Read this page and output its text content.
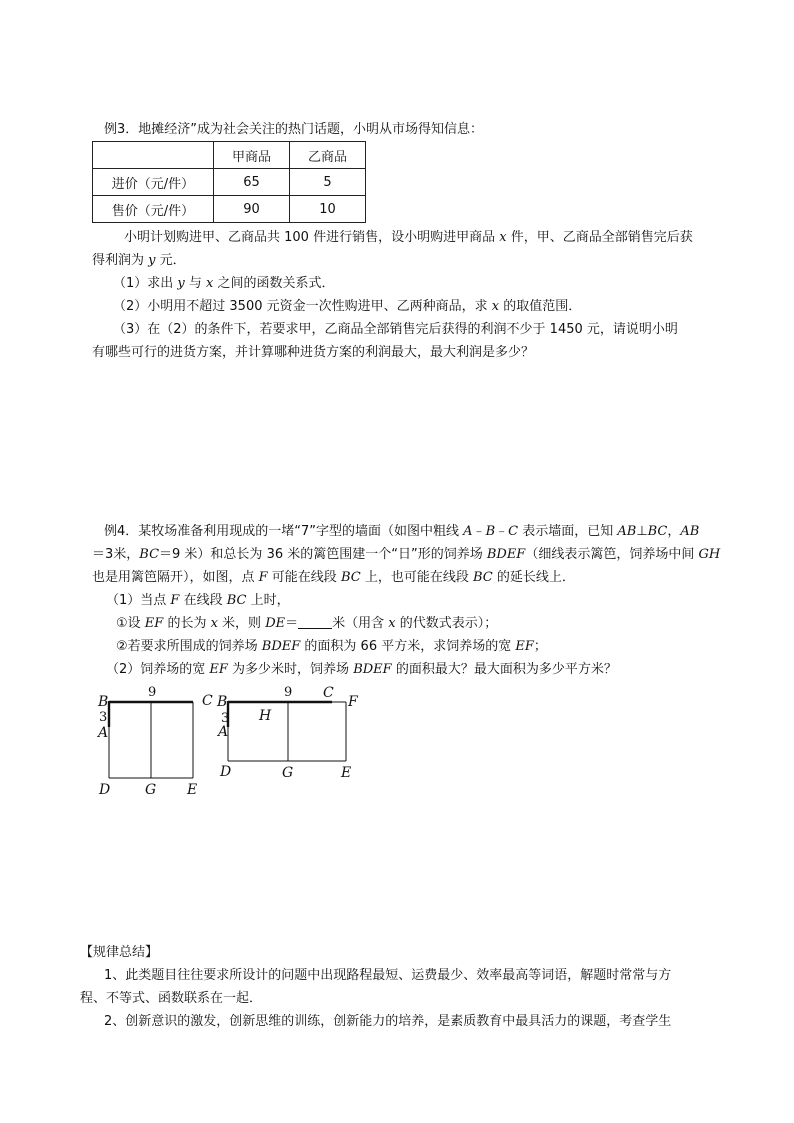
例3．地摊经济”成为社会关注的热门话题，小明从市场得知信息：
	甲商品	乙商品
进价（元/件）	65	5
售价（元/件）	90	10
小明计划购进甲、乙商品共 100 件进行销售，设小明购进甲商品 x 件，甲、乙商品全部销售完后获
得利润为 y 元．
（1）求出 y 与 x 之间的函数关系式．
（2）小明用不超过 3500 元资金一次性购进甲、乙两种商品，求 x 的取值范围．
（3）在（2）的条件下，若要求甲，乙商品全部销售完后获得的利润不少于 1450 元，请说明小明
有哪些可行的进货方案，并计算哪种进货方案的利润最大，最大利润是多少？
例4．某牧场准备利用现成的一堵“7”字型的墙面（如图中粗线 A﹣B﹣C 表示墙面，已知 AB⊥BC，AB
＝3米，BC＝9 米）和总长为 36 米的篱笆围建一个“日”形的饲养场 BDEF（细线表示篱笆，饲养场中间 GH
也是用篱笆隔开），如图，点 F 可能在线段 BC 上，也可能在线段 BC 的延长线上．
（1）当点 F 在线段 BC 上时，
①设 EF 的长为 x 米，则 DE＝	米（用含 x 的代数式表示）；
②若要求所围成的饲养场 BDEF 的面积为 66 平方米，求饲养场的宽 EF；
（2）饲养场的宽 EF 为多少米时，饲养场 BDEF 的面积最大？最大面积为多少平方米？
B	C
9
3
A
D G E
B
C
F
9
3
A
H
D	G	E
【规律总结】
1、此类题目往往要求所设计的问题中出现路程最短、运费最少、效率最高等词语，解题时常常与方
程、不等式、函数联系在一起．
2、创新意识的激发，创新思维的训练，创新能力的培养，是素质教育中最具活力的课题，考查学生
